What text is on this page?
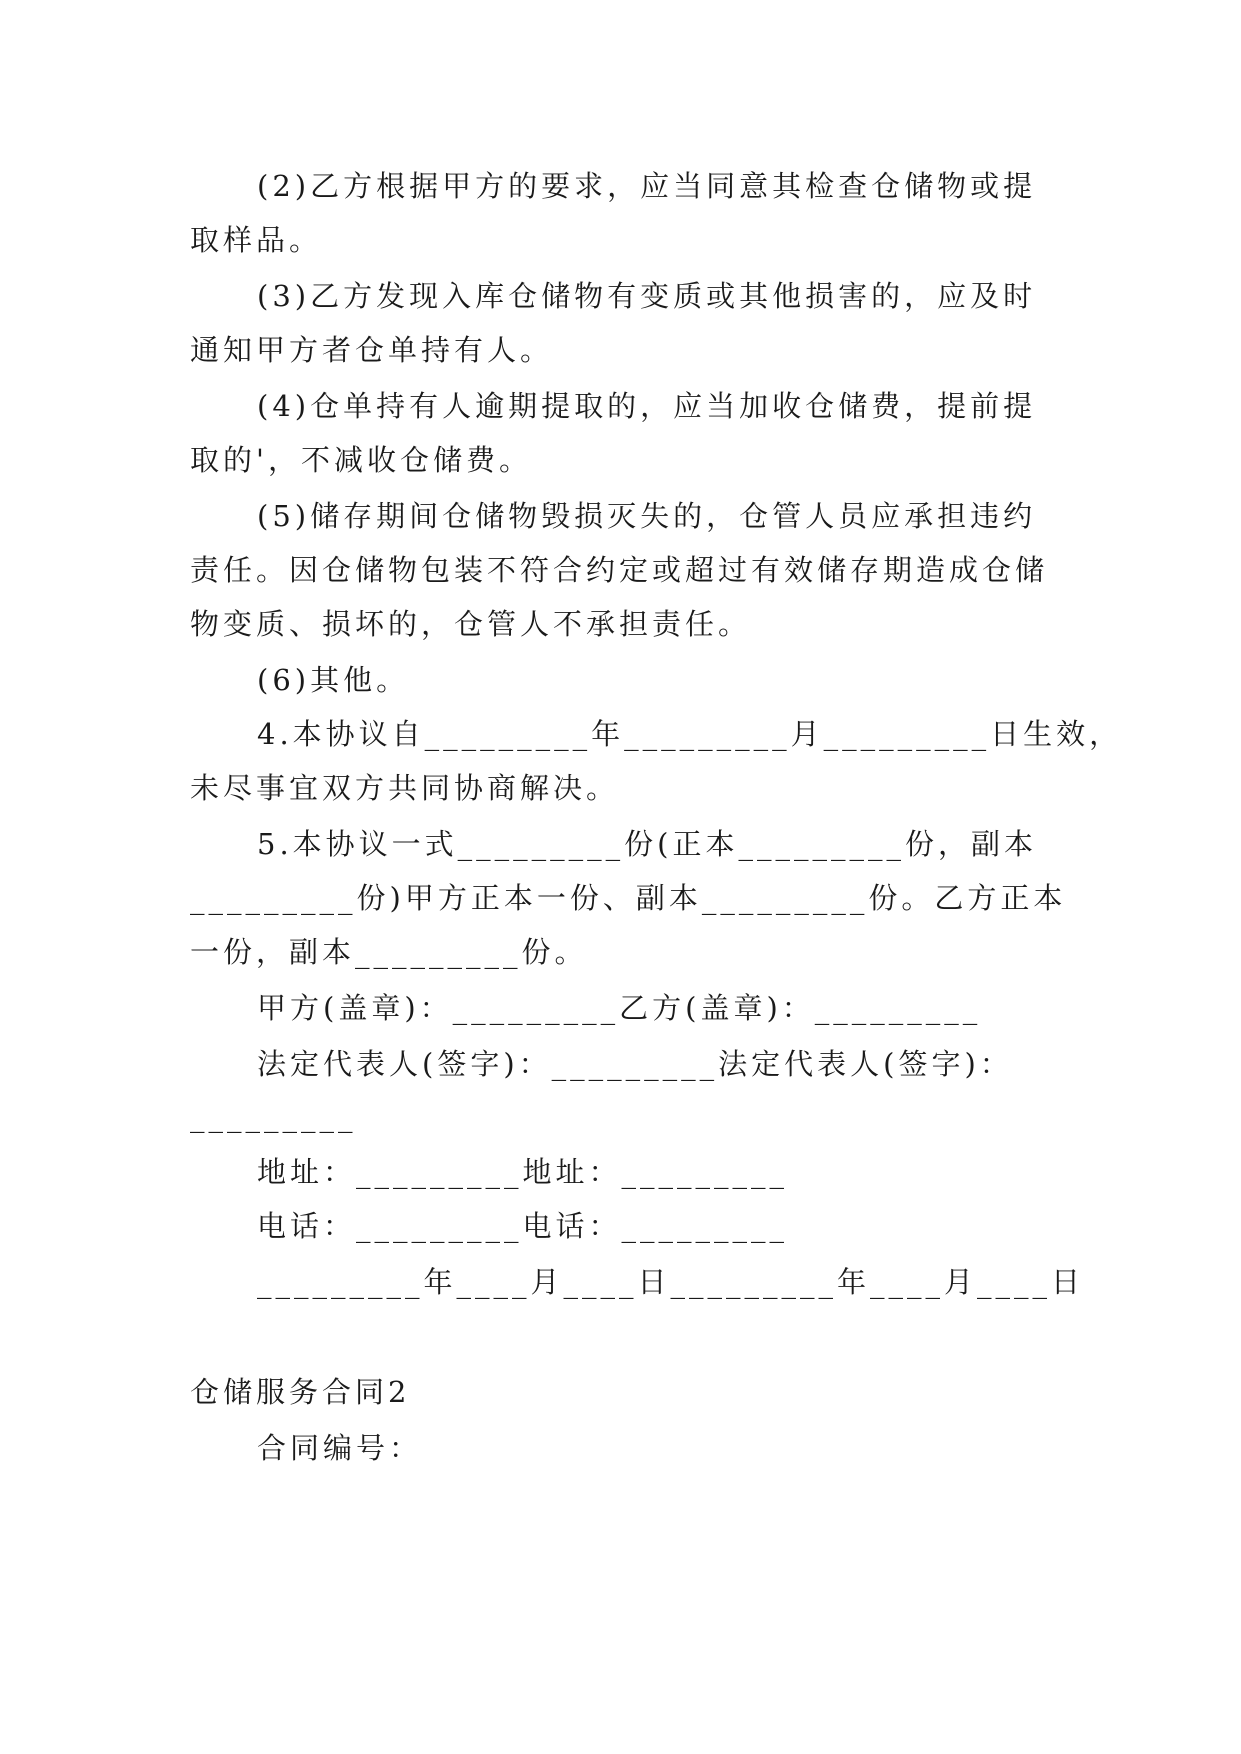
(2)乙方根据甲方的要求，应当同意其检查仓储物或提
取样品。
(3)乙方发现入库仓储物有变质或其他损害的，应及时
通知甲方者仓单持有人。
(4)仓单持有人逾期提取的，应当加收仓储费，提前提
取的'，不减收仓储费。
(5)储存期间仓储物毁损灭失的，仓管人员应承担违约
责任。因仓储物包装不符合约定或超过有效储存期造成仓储
物变质、损坏的，仓管人不承担责任。
(6)其他。
4.本协议自_________年_________月_________日生效，
未尽事宜双方共同协商解决。
5.本协议一式_________份(正本_________份，副本
_________份)甲方正本一份、副本_________份。乙方正本
一份，副本_________份。
甲方(盖章)：_________乙方(盖章)：_________
法定代表人(签字)：_________法定代表人(签字)：
_________
地址：_________地址：_________
电话：_________电话：_________
_________年____月____日_________年____月____日
仓储服务合同2
合同编号：
